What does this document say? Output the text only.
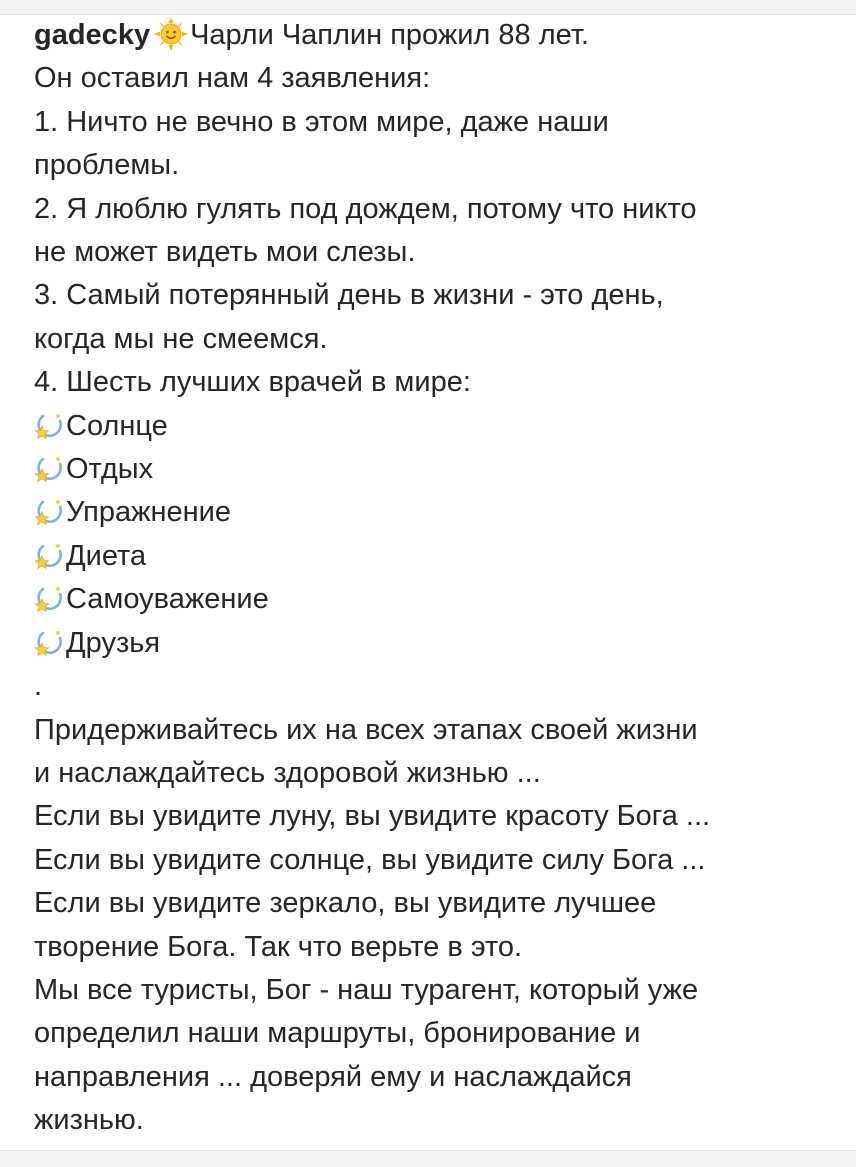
gadecky Чарли Чаплин прожил 88 лет.
Он оставил нам 4 заявления:
1. Ничто не вечно в этом мире, даже наши
проблемы.
2. Я люблю гулять под дождем, потому что никто
не может видеть мои слезы.
3. Самый потерянный день в жизни - это день,
когда мы не смеемся.
4. Шесть лучших врачей в мире:
Солнце
Отдых
Упражнение
Диета
Самоуважение
Друзья
.
Придерживайтесь их на всех этапах своей жизни
и наслаждайтесь здоровой жизнью ...
Если вы увидите луну, вы увидите красоту Бога ...
Если вы увидите солнце, вы увидите силу Бога ...
Если вы увидите зеркало, вы увидите лучшее
творение Бога. Так что верьте в это.
Мы все туристы, Бог - наш турагент, который уже
определил наши маршруты, бронирование и
направления ... доверяй ему и наслаждайся
жизнью.
